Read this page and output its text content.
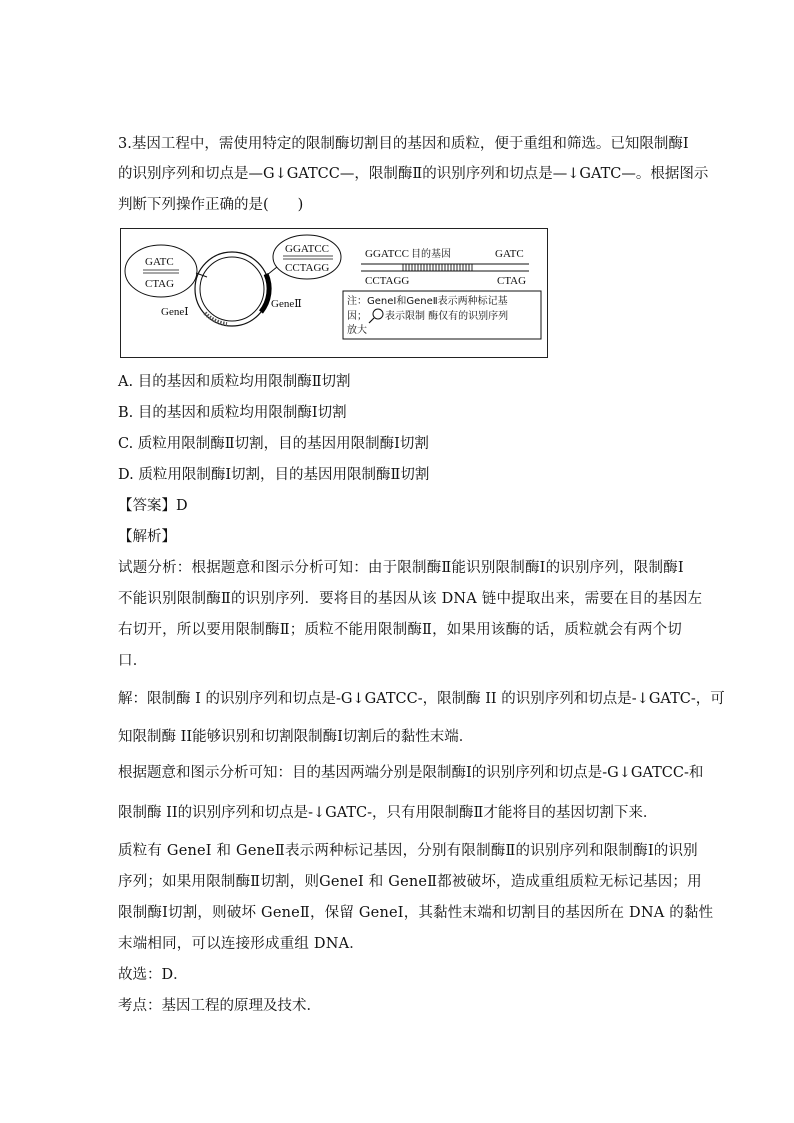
3.基因工程中，需使用特定的限制酶切割目的基因和质粒，便于重组和筛选。已知限制酶Ⅰ
的识别序列和切点是—G↓GATCC—，限制酶Ⅱ的识别序列和切点是—↓GATC—。根据图示
判断下列操作正确的是(　　)
GATC
CTAG
GeneⅠ
GeneⅡ
GGATCC
CCTAGG
GGATCC 目的基因	GATC
CCTAGG	CTAG
注：GeneⅠ和GeneⅡ表示两种标记基
因； 表示限制 酶仅有的识别序列
放大
A. 目的基因和质粒均用限制酶Ⅱ切割
B. 目的基因和质粒均用限制酶Ⅰ切割
C. 质粒用限制酶Ⅱ切割，目的基因用限制酶Ⅰ切割
D. 质粒用限制酶Ⅰ切割，目的基因用限制酶Ⅱ切割
【答案】D
【解析】
试题分析：根据题意和图示分析可知：由于限制酶Ⅱ能识别限制酶Ⅰ的识别序列，限制酶Ⅰ
不能识别限制酶Ⅱ的识别序列．要将目的基因从该 DNA 链中提取出来，需要在目的基因左
右切开，所以要用限制酶Ⅱ；质粒不能用限制酶Ⅱ，如果用该酶的话，质粒就会有两个切
口．
解：限制酶 I 的识别序列和切点是-G↓GATCC-，限制酶 II 的识别序列和切点是-↓GATC-，可
知限制酶 II能够识别和切割限制酶Ⅰ切割后的黏性末端．
根据题意和图示分析可知：目的基因两端分别是限制酶Ⅰ的识别序列和切点是-G↓GATCC-和
限制酶 II的识别序列和切点是-↓GATC-，只有用限制酶Ⅱ才能将目的基因切割下来．
质粒有 GeneI 和 GeneⅡ表示两种标记基因，分别有限制酶Ⅱ的识别序列和限制酶Ⅰ的识别
序列；如果用限制酶Ⅱ切割，则GeneI 和 GeneⅡ都被破坏，造成重组质粒无标记基因；用
限制酶Ⅰ切割，则破坏 GeneⅡ，保留 GeneI，其黏性末端和切割目的基因所在 DNA 的黏性
末端相同，可以连接形成重组 DNA．
故选：D．
考点：基因工程的原理及技术．
